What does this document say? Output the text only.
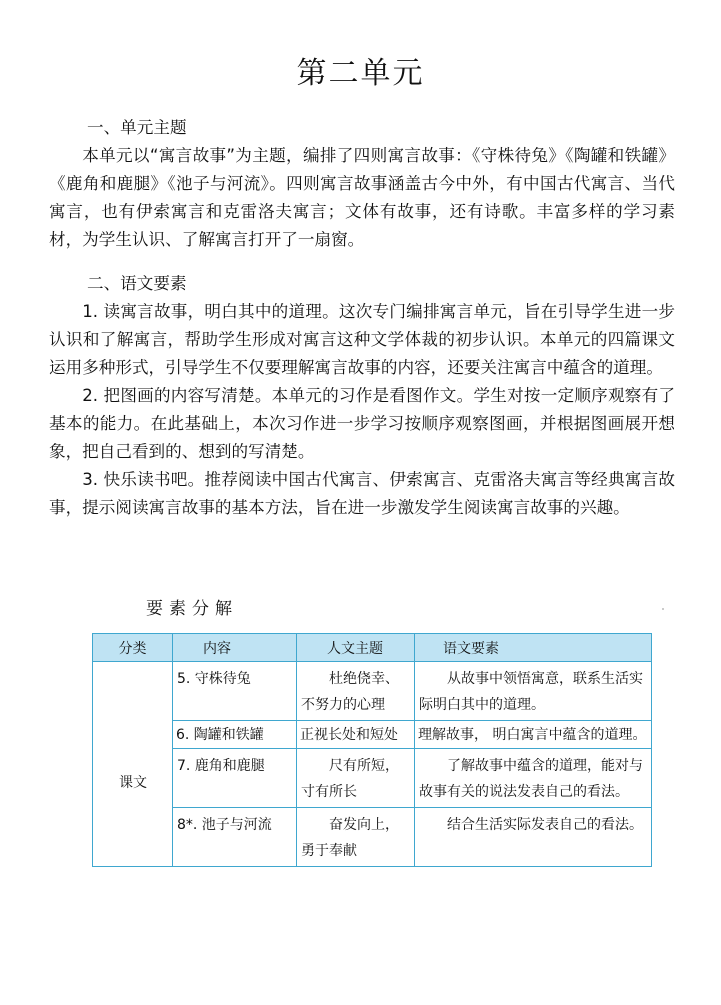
第二单元

一、单元主题

本单元以“寓言故事”为主题，编排了四则寓言故事：《守株待兔》《陶罐和铁罐》《鹿角和鹿腿》《池子与河流》。四则寓言故事涵盖古今中外，有中国古代寓言、当代寓言，也有伊索寓言和克雷洛夫寓言；文体有故事，还有诗歌。丰富多样的学习素材，为学生认识、了解寓言打开了一扇窗。

二、语文要素

1. 读寓言故事，明白其中的道理。这次专门编排寓言单元，旨在引导学生进一步认识和了解寓言，帮助学生形成对寓言这种文学体裁的初步认识。本单元的四篇课文运用多种形式，引导学生不仅要理解寓言故事的内容，还要关注寓言中蕴含的道理。

2. 把图画的内容写清楚。本单元的习作是看图作文。学生对按一定顺序观察有了基本的能力。在此基础上，本次习作进一步学习按顺序观察图画，并根据图画展开想象，把自己看到的、想到的写清楚。

3. 快乐读书吧。推荐阅读中国古代寓言、伊索寓言、克雷洛夫寓言等经典寓言故事，提示阅读寓言故事的基本方法，旨在进一步激发学生阅读寓言故事的兴趣。

要素分解
分类	内容	人文主题	语文要素
课文	5. 守株待兔	杜绝侥幸、不努力的心理	从故事中领悟寓意，联系生活实际明白其中的道理。
	6. 陶罐和铁罐	正视长处和短处	理解故事， 明白寓言中蕴含的道理。
	7. 鹿角和鹿腿	尺有所短，寸有所长	了解故事中蕴含的道理，能对与故事有关的说法发表自己的看法。
	8*. 池子与河流	奋发向上，勇于奉献	结合生活实际发表自己的看法。
